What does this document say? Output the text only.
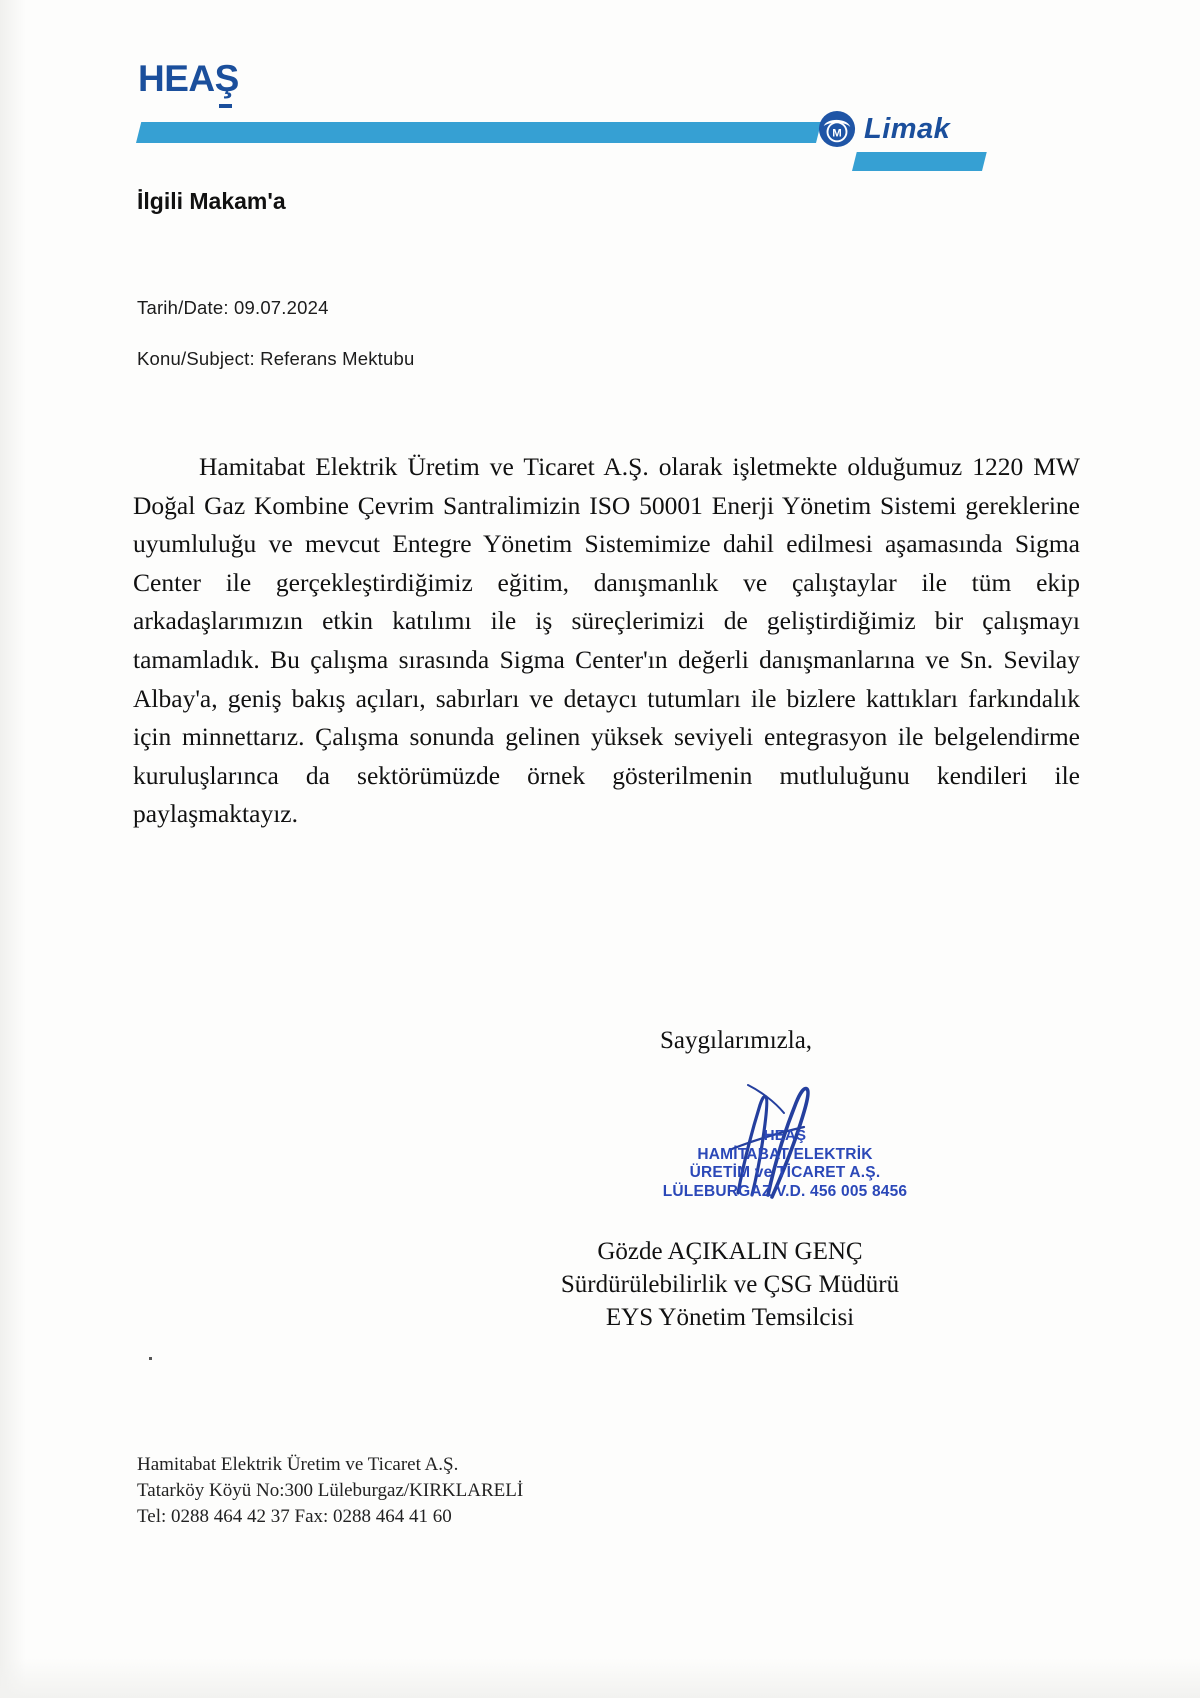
HEAŞ
M Limak
İlgili Makam'a
Tarih/Date: 09.07.2024
Konu/Subject: Referans Mektubu
Hamitabat Elektrik Üretim ve Ticaret A.Ş. olarak işletmekte olduğumuz 1220 MW Doğal Gaz Kombine Çevrim Santralimizin ISO 50001 Enerji Yönetim Sistemi gereklerine uyumluluğu ve mevcut Entegre Yönetim Sistemimize dahil edilmesi aşamasında Sigma Center ile gerçekleştirdiğimiz eğitim, danışmanlık ve çalıştaylar ile tüm ekip arkadaşlarımızın etkin katılımı ile iş süreçlerimizi de geliştirdiğimiz bir çalışmayı tamamladık. Bu çalışma sırasında Sigma Center'ın değerli danışmanlarına ve Sn. Sevilay Albay'a, geniş bakış açıları, sabırları ve detaycı tutumları ile bizlere kattıkları farkındalık için minnettarız. Çalışma sonunda gelinen yüksek seviyeli entegrasyon ile belgelendirme kuruluşlarınca da sektörümüzde örnek gösterilmenin mutluluğunu kendileri ile paylaşmaktayız.
Saygılarımızla,
HEAŞ
HAMİTABAT ELEKTRİK
ÜRETİM ve TİCARET A.Ş.
LÜLEBURGAZ V.D. 456 005 8456
Gözde AÇIKALIN GENÇ
Sürdürülebilirlik ve ÇSG Müdürü
EYS Yönetim Temsilcisi
Hamitabat Elektrik Üretim ve Ticaret A.Ş.
Tatarköy Köyü No:300 Lüleburgaz/KIRKLARELİ
Tel: 0288 464 42 37 Fax: 0288 464 41 60
